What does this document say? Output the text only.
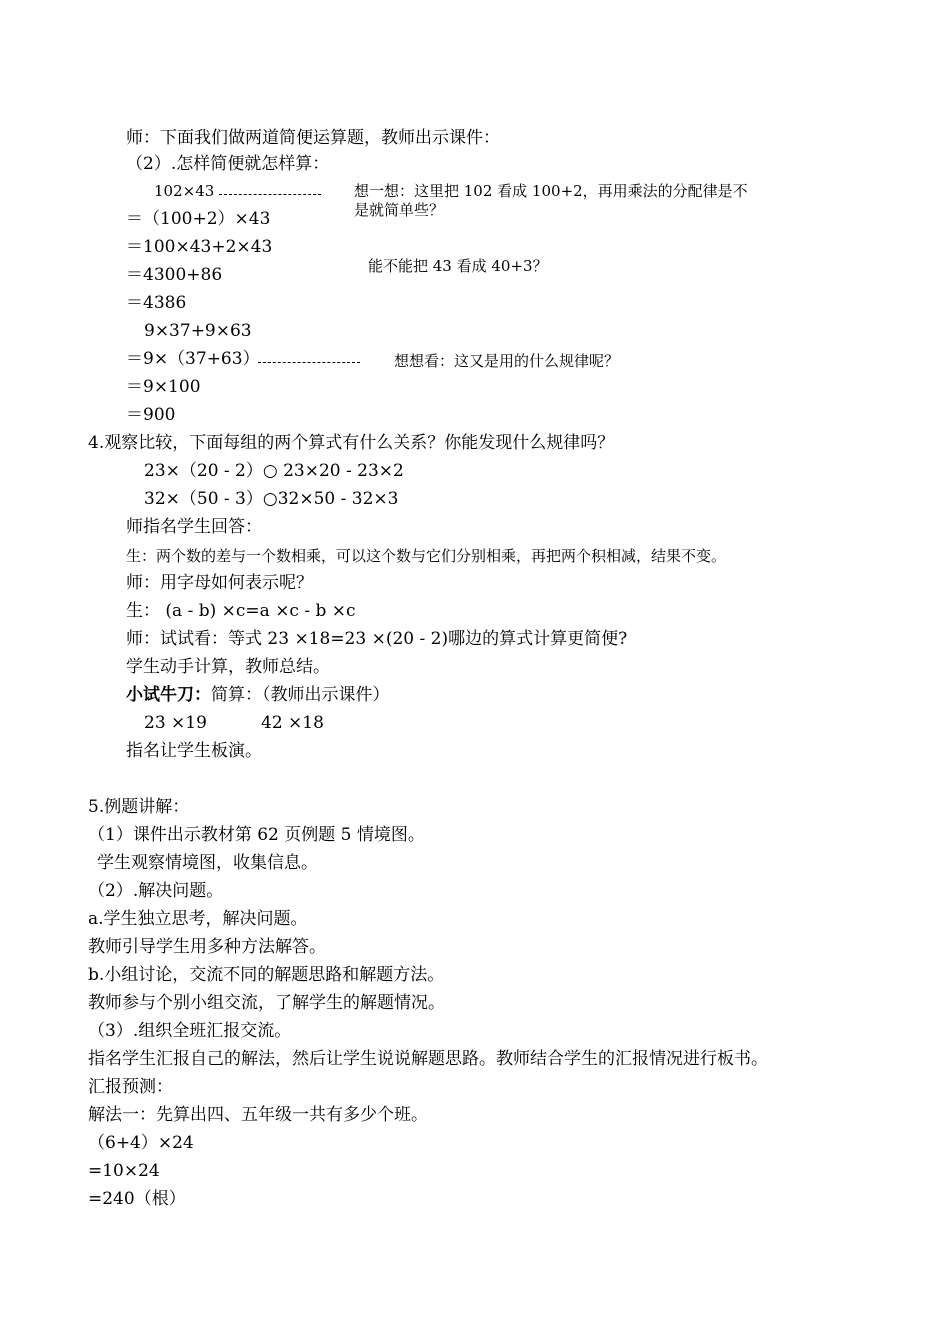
师：下面我们做两道简便运算题，教师出示课件：
（2）.怎样简便就怎样算：
102×43	想一想：这里把 102 看成 100+2，再用乘法的分配律是不
是就简单些？
＝（100+2）×43
＝100×43+2×43
＝4300+86	能不能把 43 看成 40+3？
＝4386
9×37+9×63
＝9×（37+63）	想想看：这又是用的什么规律呢？
＝9×100
＝900
4.观察比较，下面每组的两个算式有什么关系？你能发现什么规律吗？
23×（20 - 2）○ 23×20 - 23×2
32×（50 - 3）○32×50 - 32×3
师指名学生回答：
生：两个数的差与一个数相乘，可以这个数与它们分别相乘，再把两个积相减，结果不变。
师：用字母如何表示呢？
生： (a - b) ×c=a ×c - b ×c
师：试试看：等式 23 ×18=23 ×(20 - 2)哪边的算式计算更简便?
学生动手计算，教师总结。
小试牛刀：简算：（教师出示课件）
23 ×19	42 ×18
指名让学生板演。
5.例题讲解：
（1）课件出示教材第 62 页例题 5 情境图。
学生观察情境图，收集信息。
（2）.解决问题。
a.学生独立思考，解决问题。
教师引导学生用多种方法解答。
b.小组讨论，交流不同的解题思路和解题方法。
教师参与个别小组交流，了解学生的解题情况。
（3）.组织全班汇报交流。
指名学生汇报自己的解法，然后让学生说说解题思路。教师结合学生的汇报情况进行板书。
汇报预测：
解法一：先算出四、五年级一共有多少个班。
（6+4）×24
=10×24
=240（根）
